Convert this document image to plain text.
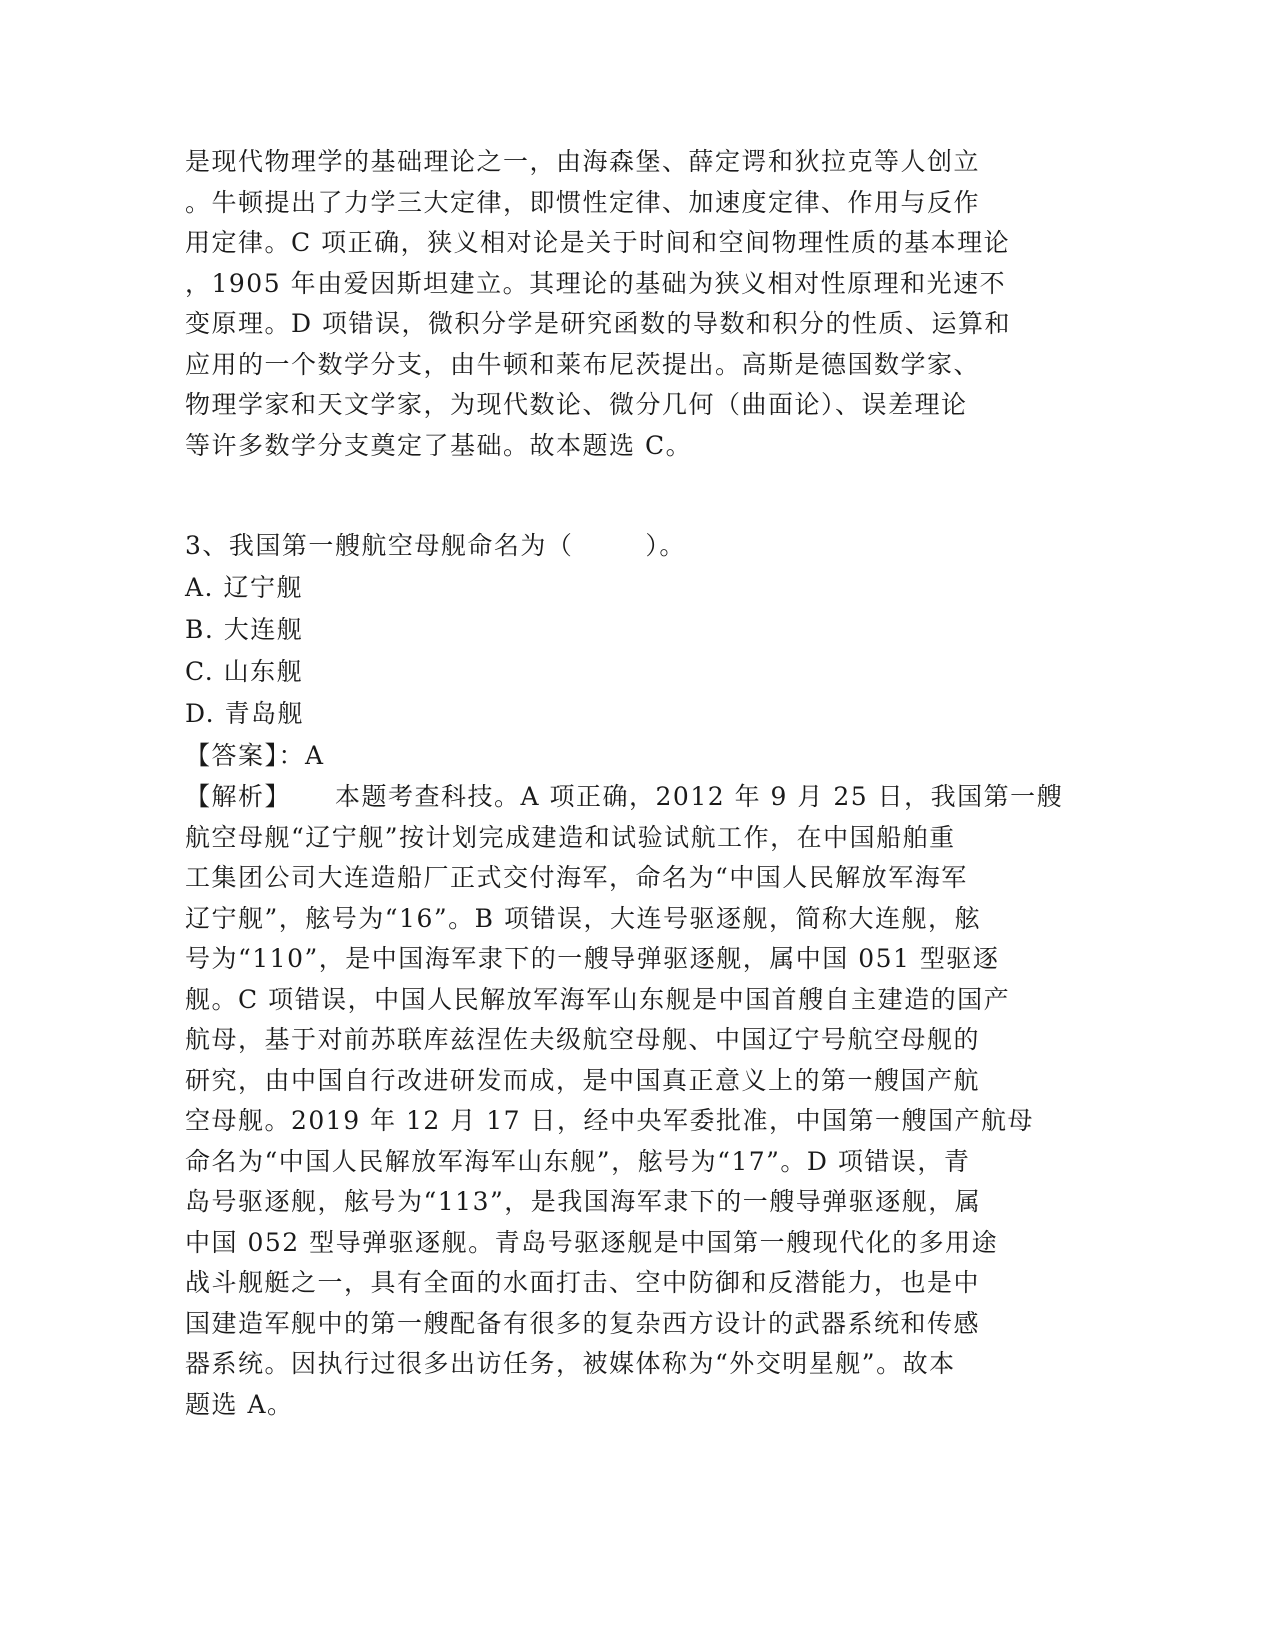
是现代物理学的基础理论之一，由海森堡、薛定谔和狄拉克等人创立
。牛顿提出了力学三大定律，即惯性定律、加速度定律、作用与反作
用定律。C 项正确，狭义相对论是关于时间和空间物理性质的基本理论
，1905 年由爱因斯坦建立。其理论的基础为狭义相对性原理和光速不
变原理。D 项错误，微积分学是研究函数的导数和积分的性质、运算和
应用的一个数学分支，由牛顿和莱布尼茨提出。高斯是德国数学家、
物理学家和天文学家，为现代数论、微分几何（曲面论）、误差理论
等许多数学分支奠定了基础。故本题选 C。
3、我国第一艘航空母舰命名为（	）。
A. 辽宁舰
B. 大连舰
C. 山东舰
D. 青岛舰
【答案】：A
【解析】 本题考查科技。A 项正确，2012 年 9 月 25 日，我国第一艘
航空母舰“辽宁舰”按计划完成建造和试验试航工作，在中国船舶重
工集团公司大连造船厂正式交付海军，命名为“中国人民解放军海军
辽宁舰”，舷号为“16”。B 项错误，大连号驱逐舰，简称大连舰，舷
号为“110”，是中国海军隶下的一艘导弹驱逐舰，属中国 051 型驱逐
舰。C 项错误，中国人民解放军海军山东舰是中国首艘自主建造的国产
航母，基于对前苏联库兹涅佐夫级航空母舰、中国辽宁号航空母舰的
研究，由中国自行改进研发而成，是中国真正意义上的第一艘国产航
空母舰。2019 年 12 月 17 日，经中央军委批准，中国第一艘国产航母
命名为“中国人民解放军海军山东舰”，舷号为“17”。D 项错误，青
岛号驱逐舰，舷号为“113”，是我国海军隶下的一艘导弹驱逐舰，属
中国 052 型导弹驱逐舰。青岛号驱逐舰是中国第一艘现代化的多用途
战斗舰艇之一，具有全面的水面打击、空中防御和反潜能力，也是中
国建造军舰中的第一艘配备有很多的复杂西方设计的武器系统和传感
器系统。因执行过很多出访任务，被媒体称为“外交明星舰”。故本
题选 A。
